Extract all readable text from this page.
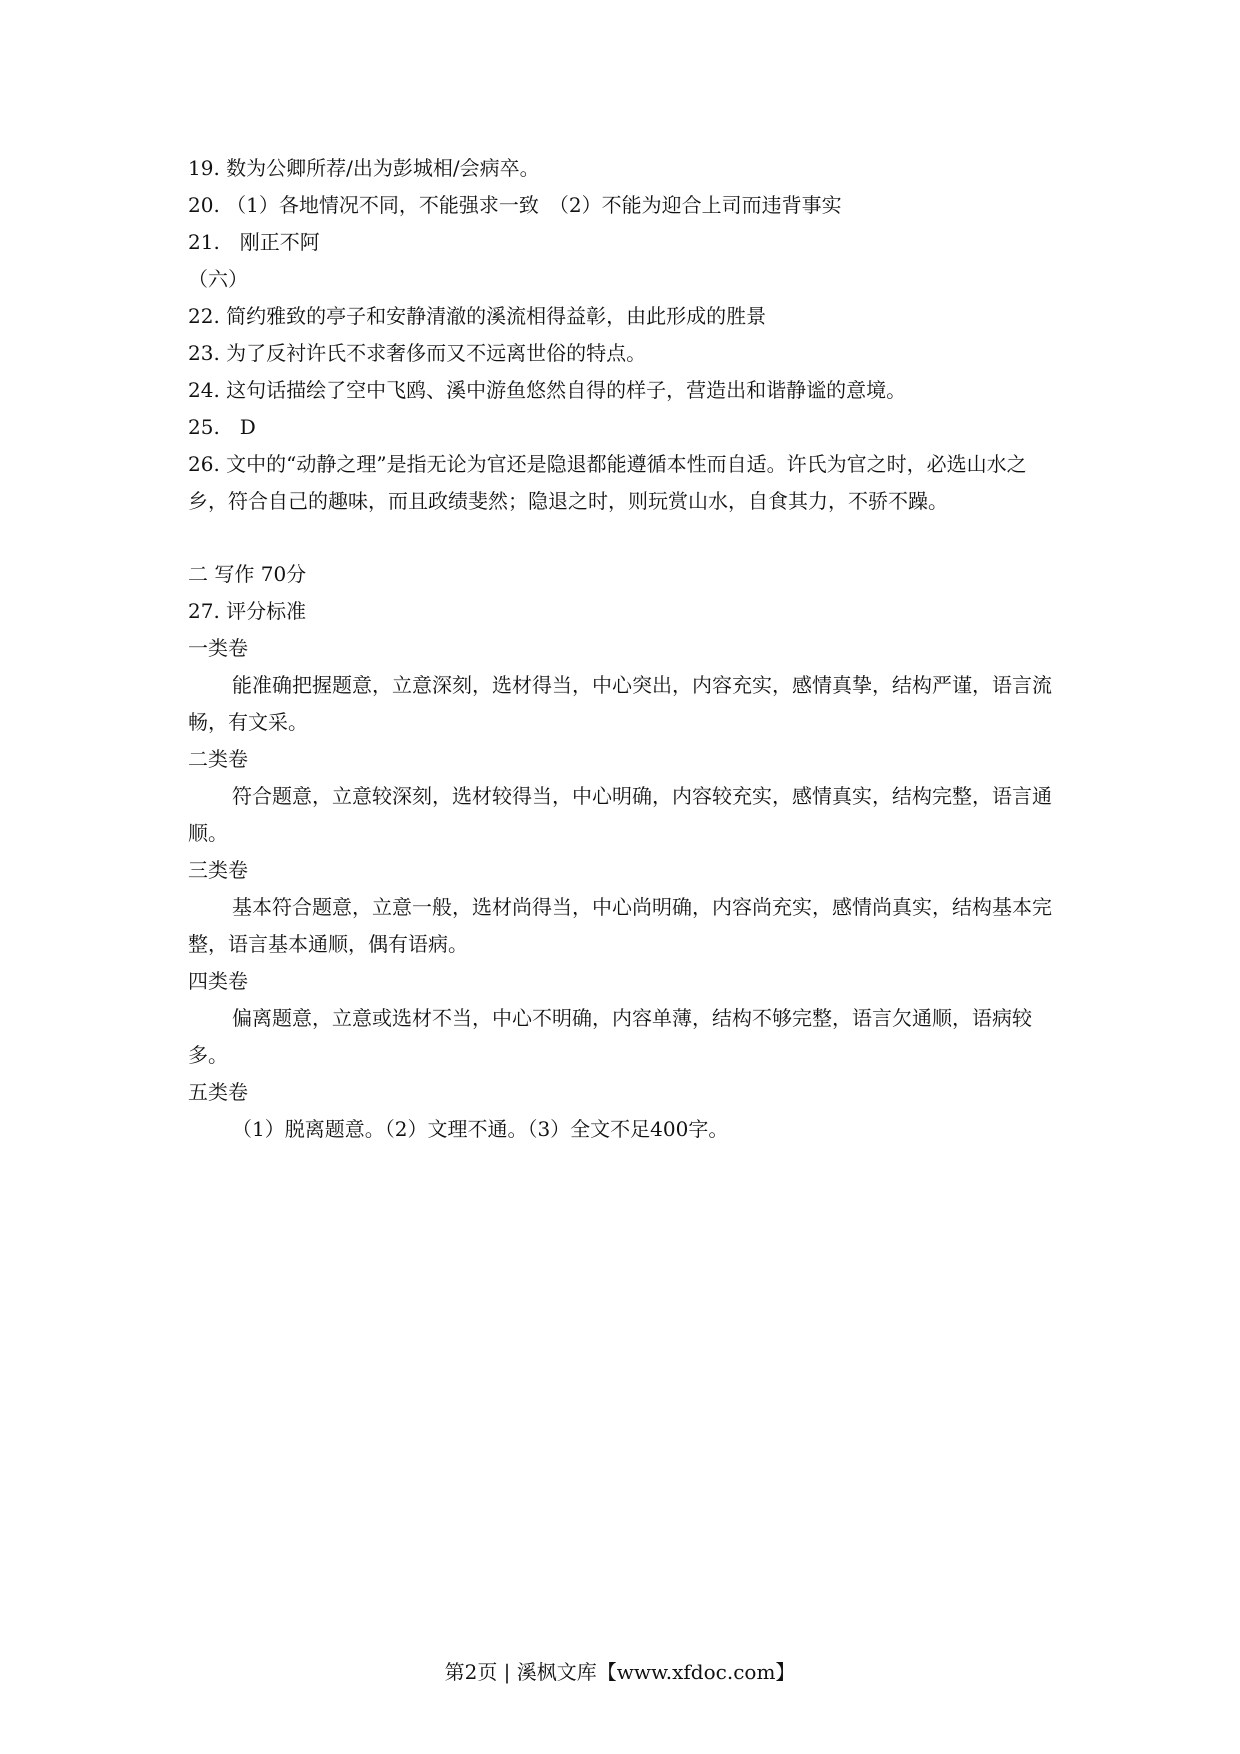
19. 数为公卿所荐/出为彭城相/会病卒。
20. （1）各地情况不同，不能强求一致　（2）不能为迎合上司而违背事实
21.　刚正不阿
（六）
22. 简约雅致的亭子和安静清澈的溪流相得益彰，由此形成的胜景
23. 为了反衬许氏不求奢侈而又不远离世俗的特点。
24. 这句话描绘了空中飞鸥、溪中游鱼悠然自得的样子，营造出和谐静谧的意境。
25.　D
26. 文中的“动静之理”是指无论为官还是隐退都能遵循本性而自适。许氏为官之时，必选山水之乡，符合自己的趣味，而且政绩斐然；隐退之时，则玩赏山水，自食其力，不骄不躁。
二 写作 70分
27. 评分标准
一类卷
能准确把握题意，立意深刻，选材得当，中心突出，内容充实，感情真挚，结构严谨，语言流畅，有文采。
二类卷
符合题意，立意较深刻，选材较得当，中心明确，内容较充实，感情真实，结构完整，语言通顺。
三类卷
基本符合题意，立意一般，选材尚得当，中心尚明确，内容尚充实，感情尚真实，结构基本完整，语言基本通顺，偶有语病。
四类卷
偏离题意，立意或选材不当，中心不明确，内容单薄，结构不够完整，语言欠通顺，语病较多。
五类卷
（1）脱离题意。（2）文理不通。（3）全文不足400字。
第2页 | 溪枫文库【www.xfdoc.com】
